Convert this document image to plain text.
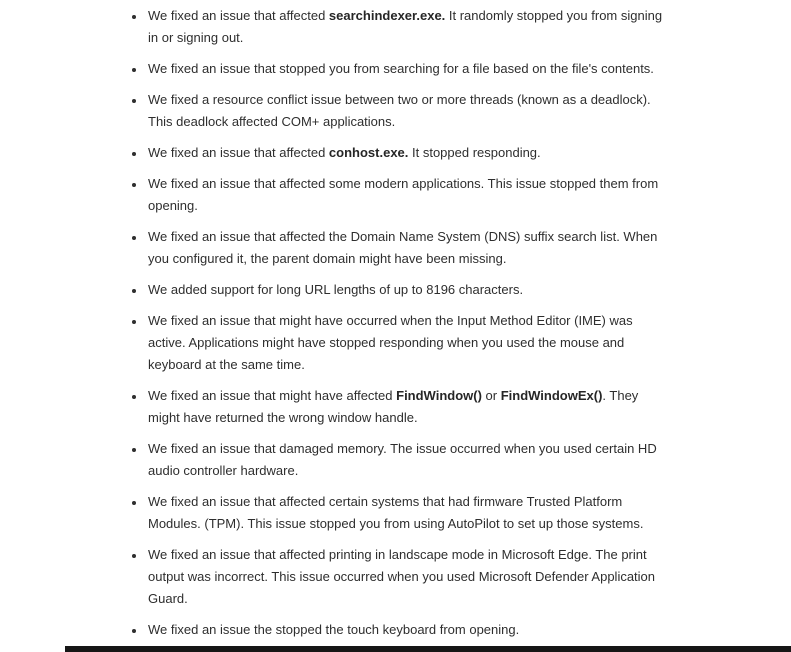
• We fixed an issue that affected searchindexer.exe. It randomly stopped you from signing in or signing out.
• We fixed an issue that stopped you from searching for a file based on the file's contents.
• We fixed a resource conflict issue between two or more threads (known as a deadlock). This deadlock affected COM+ applications.
• We fixed an issue that affected conhost.exe. It stopped responding.
• We fixed an issue that affected some modern applications. This issue stopped them from opening.
• We fixed an issue that affected the Domain Name System (DNS) suffix search list. When you configured it, the parent domain might have been missing.
• We added support for long URL lengths of up to 8196 characters.
• We fixed an issue that might have occurred when the Input Method Editor (IME) was active. Applications might have stopped responding when you used the mouse and keyboard at the same time.
• We fixed an issue that might have affected FindWindow() or FindWindowEx(). They might have returned the wrong window handle.
• We fixed an issue that damaged memory. The issue occurred when you used certain HD audio controller hardware.
• We fixed an issue that affected certain systems that had firmware Trusted Platform Modules. (TPM). This issue stopped you from using AutoPilot to set up those systems.
• We fixed an issue that affected printing in landscape mode in Microsoft Edge. The print output was incorrect. This issue occurred when you used Microsoft Defender Application Guard.
• We fixed an issue the stopped the touch keyboard from opening.
